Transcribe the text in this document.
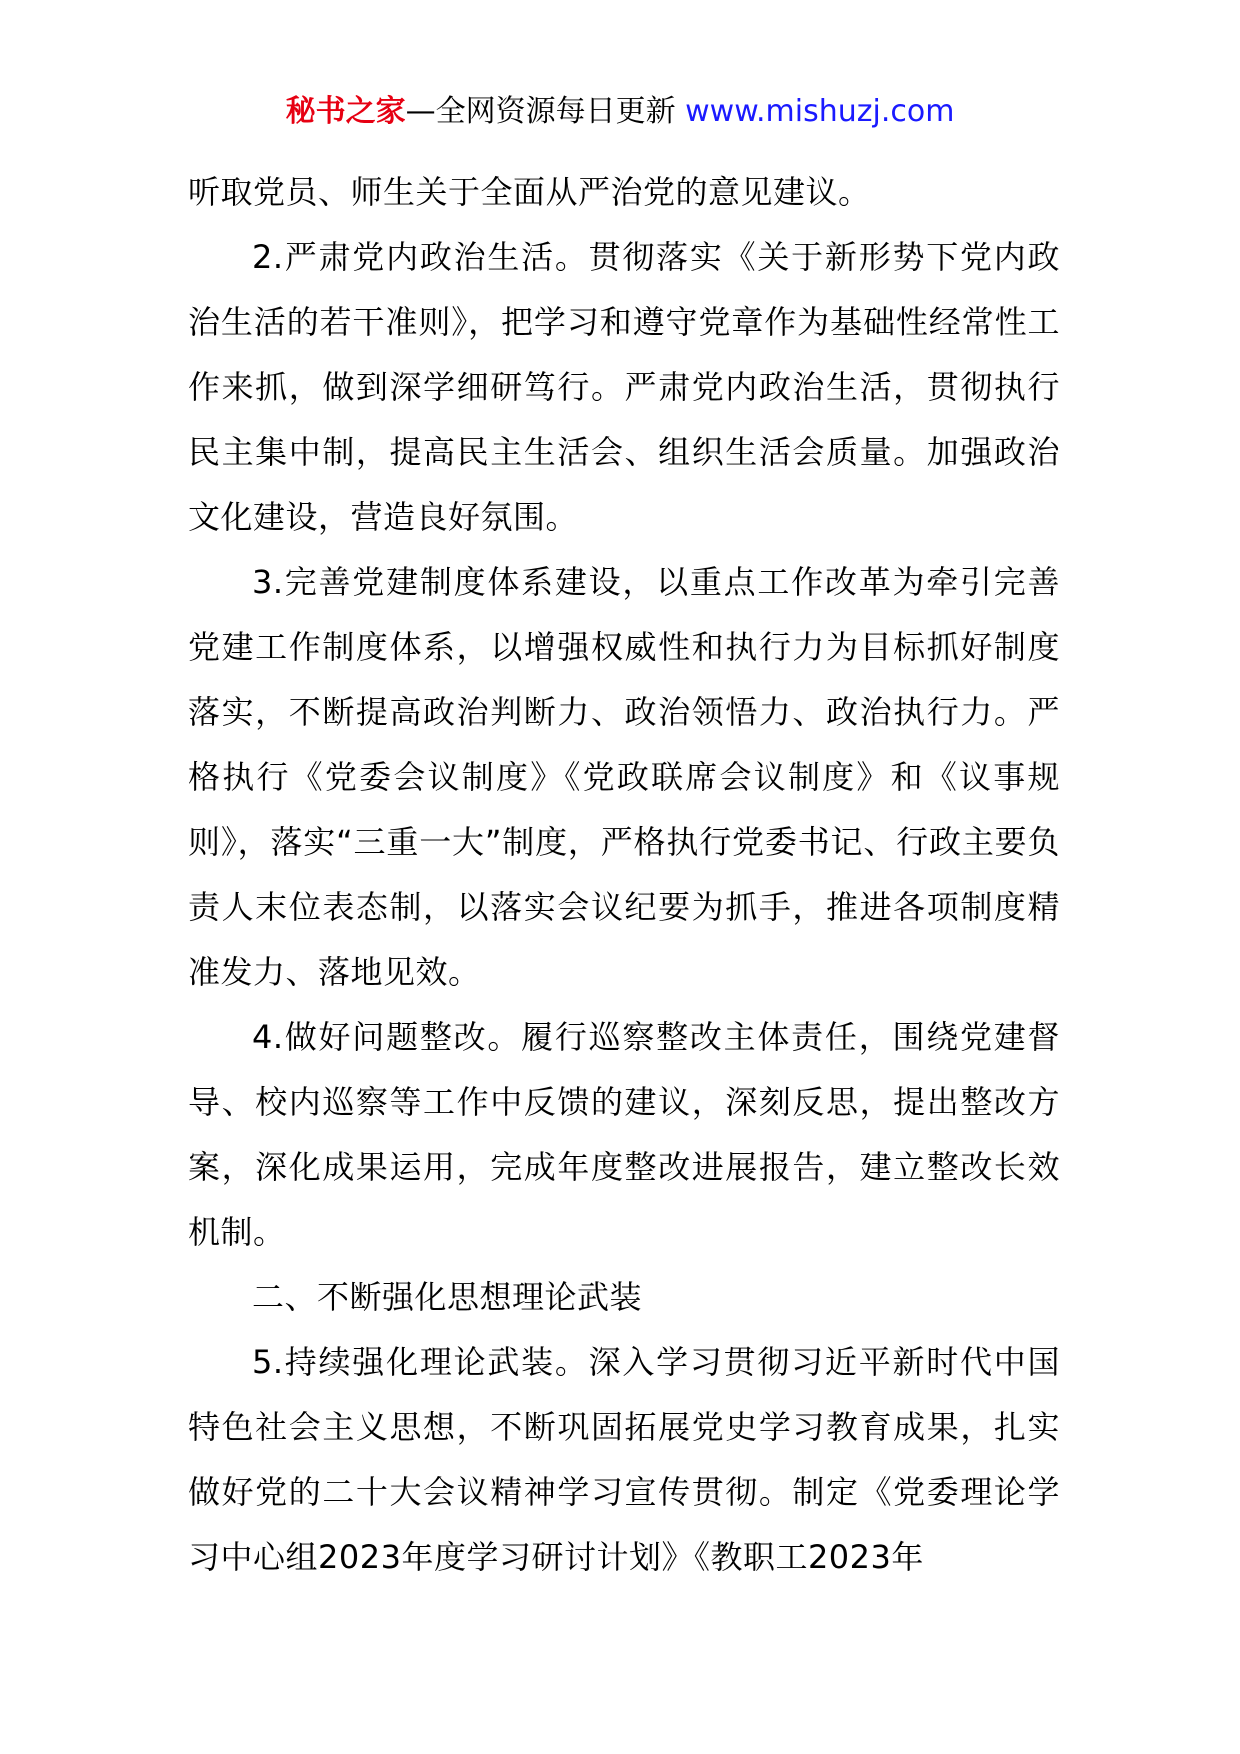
秘书之家—全网资源每日更新 www.mishuzj.com

听取党员、师生关于全面从严治党的意见建议。

2.严肃党内政治生活。贯彻落实《关于新形势下党内政治生活的若干准则》，把学习和遵守党章作为基础性经常性工作来抓，做到深学细研笃行。严肃党内政治生活，贯彻执行民主集中制，提高民主生活会、组织生活会质量。加强政治文化建设，营造良好氛围。

3.完善党建制度体系建设，以重点工作改革为牵引完善党建工作制度体系，以增强权威性和执行力为目标抓好制度落实，不断提高政治判断力、政治领悟力、政治执行力。严格执行《党委会议制度》《党政联席会议制度》和《议事规则》，落实“三重一大”制度，严格执行党委书记、行政主要负责人末位表态制，以落实会议纪要为抓手，推进各项制度精准发力、落地见效。

4.做好问题整改。履行巡察整改主体责任，围绕党建督导、校内巡察等工作中反馈的建议，深刻反思，提出整改方案，深化成果运用，完成年度整改进展报告，建立整改长效机制。

二、不断强化思想理论武装

5.持续强化理论武装。深入学习贯彻习近平新时代中国特色社会主义思想，不断巩固拓展党史学习教育成果，扎实做好党的二十大会议精神学习宣传贯彻。制定《党委理论学习中心组2023年度学习研讨计划》《教职工2023年
